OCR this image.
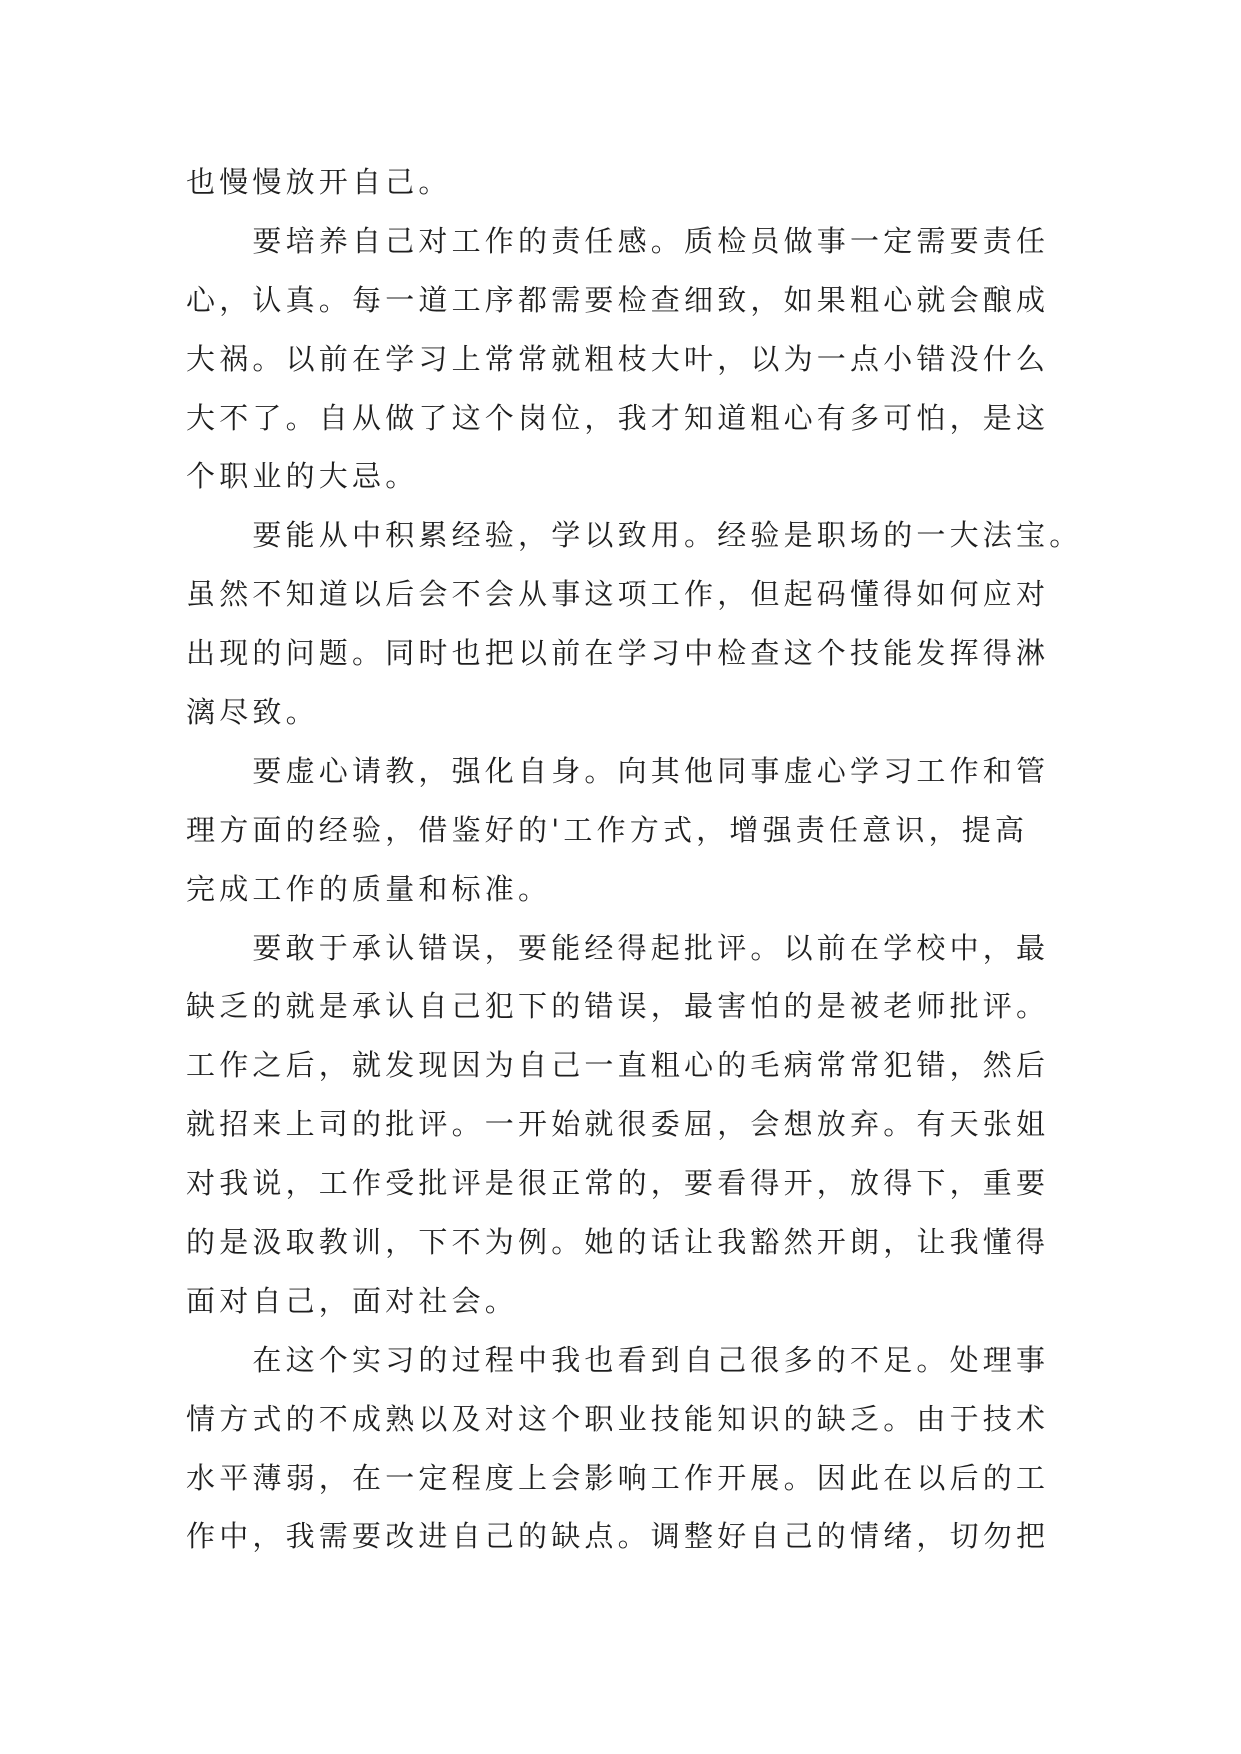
也慢慢放开自己。
要培养自己对工作的责任感。质检员做事一定需要责任
心，认真。每一道工序都需要检查细致，如果粗心就会酿成
大祸。以前在学习上常常就粗枝大叶，以为一点小错没什么
大不了。自从做了这个岗位，我才知道粗心有多可怕，是这
个职业的大忌。
要能从中积累经验，学以致用。经验是职场的一大法宝。
虽然不知道以后会不会从事这项工作，但起码懂得如何应对
出现的问题。同时也把以前在学习中检查这个技能发挥得淋
漓尽致。
要虚心请教，强化自身。向其他同事虚心学习工作和管
理方面的经验，借鉴好的'工作方式，增强责任意识，提高
完成工作的质量和标准。
要敢于承认错误，要能经得起批评。以前在学校中，最
缺乏的就是承认自己犯下的错误，最害怕的是被老师批评。
工作之后，就发现因为自己一直粗心的毛病常常犯错，然后
就招来上司的批评。一开始就很委屈，会想放弃。有天张姐
对我说，工作受批评是很正常的，要看得开，放得下，重要
的是汲取教训，下不为例。她的话让我豁然开朗，让我懂得
面对自己，面对社会。
在这个实习的过程中我也看到自己很多的不足。处理事
情方式的不成熟以及对这个职业技能知识的缺乏。由于技术
水平薄弱，在一定程度上会影响工作开展。因此在以后的工
作中，我需要改进自己的缺点。调整好自己的情绪，切勿把
